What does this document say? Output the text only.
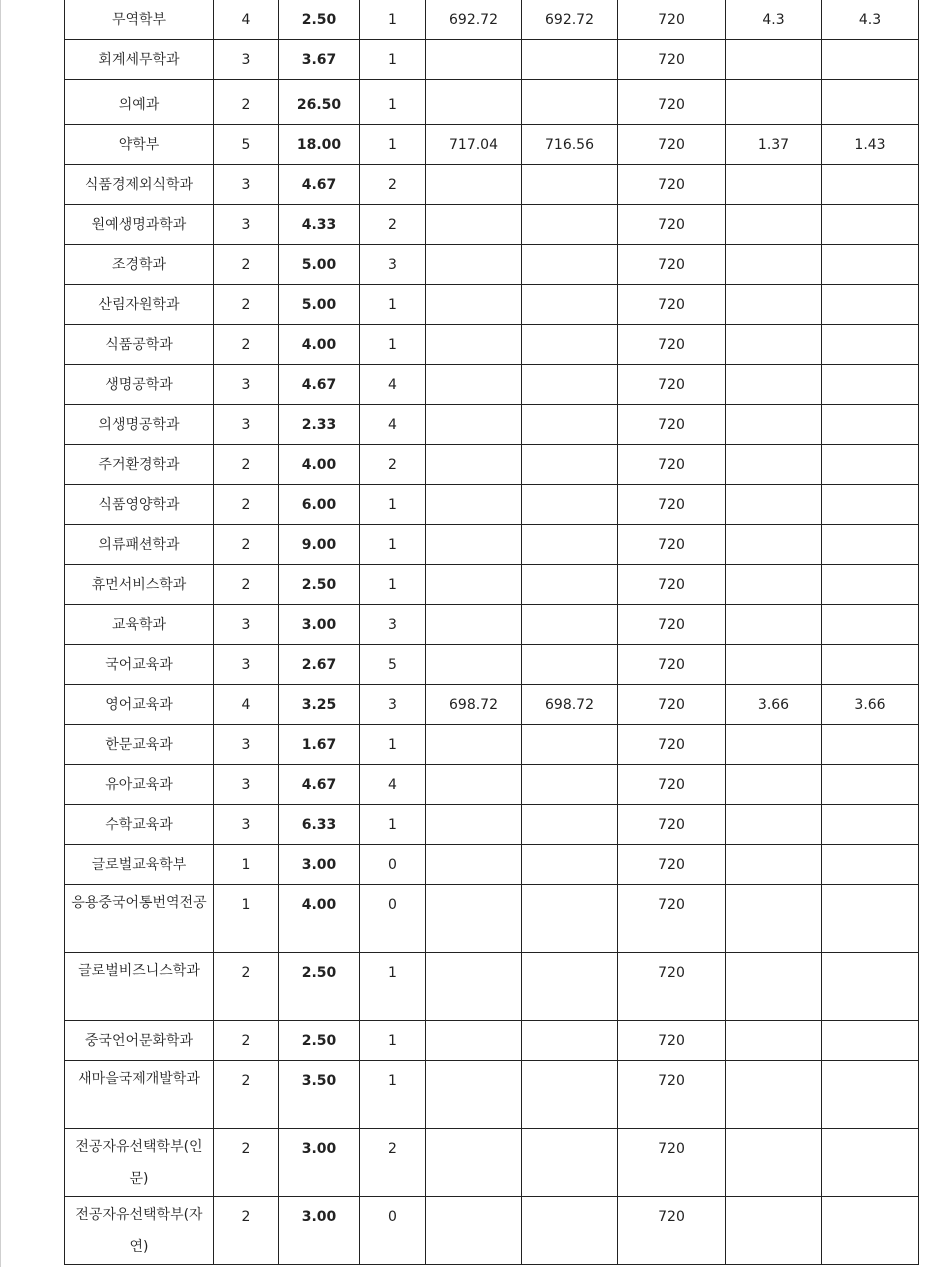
무역학부	4	2.50	1	692.72	692.72	720	4.3	4.3
회계세무학과	3	3.67	1			720		
의예과	2	26.50	1			720		
약학부	5	18.00	1	717.04	716.56	720	1.37	1.43
식품경제외식학과	3	4.67	2			720		
원예생명과학과	3	4.33	2			720		
조경학과	2	5.00	3			720		
산림자원학과	2	5.00	1			720		
식품공학과	2	4.00	1			720		
생명공학과	3	4.67	4			720		
의생명공학과	3	2.33	4			720		
주거환경학과	2	4.00	2			720		
식품영양학과	2	6.00	1			720		
의류패션학과	2	9.00	1			720		
휴먼서비스학과	2	2.50	1			720		
교육학과	3	3.00	3			720		
국어교육과	3	2.67	5			720		
영어교육과	4	3.25	3	698.72	698.72	720	3.66	3.66
한문교육과	3	1.67	1			720		
유아교육과	3	4.67	4			720		
수학교육과	3	6.33	1			720		
글로벌교육학부	1	3.00	0			720		
응용중국어통번역전공	1	4.00	0			720		
글로벌비즈니스학과	2	2.50	1			720		
중국언어문화학과	2	2.50	1			720		
새마을국제개발학과	2	3.50	1			720		
전공자유선택학부(인문)	2	3.00	2			720		
전공자유선택학부(자연)	2	3.00	0			720		
